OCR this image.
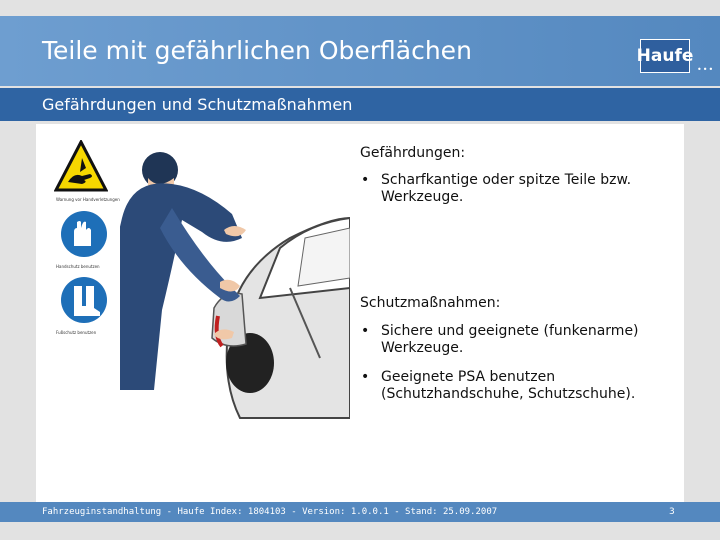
Teile mit gefährlichen Oberflächen	Haufe
•••
Gefährdungen und Schutzmaßnahmen
Warnung vor Handverletzungen
Handschutz benutzen
Fußschutz benutzen
Gefährdungen:
• Scharfkantige oder spitze Teile bzw. Werkzeuge.
Schutzmaßnahmen:
• Sichere und geeignete (funkenarme) Werkzeuge.
• Geeignete PSA benutzen (Schutzhandschuhe, Schutzschuhe).
Fahrzeuginstandhaltung - Haufe Index: 1804103 - Version: 1.0.0.1 - Stand: 25.09.2007	3
